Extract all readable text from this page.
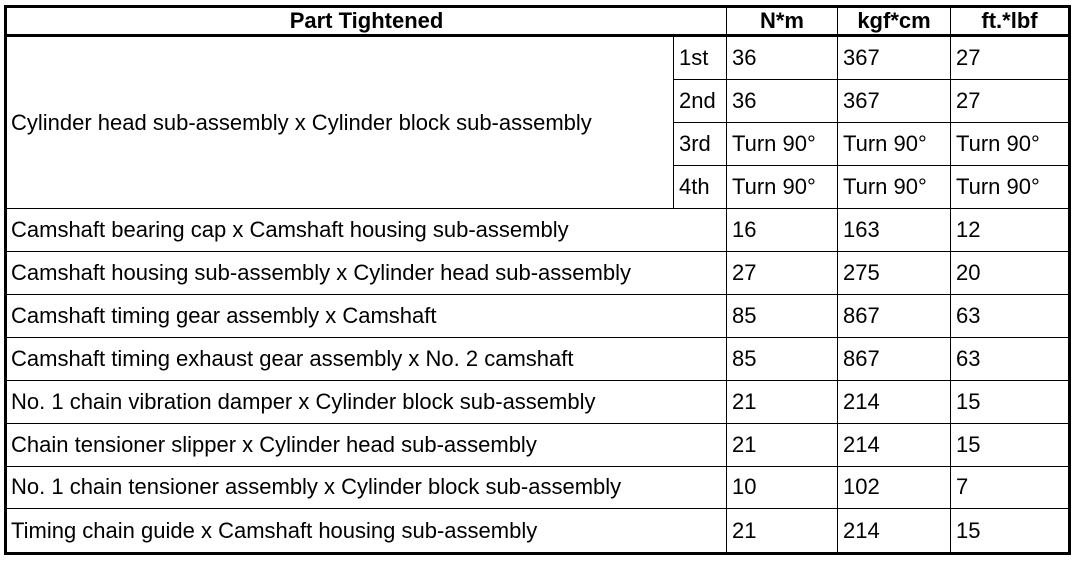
Part Tightened		N*m	kgf*cm	ft.*lbf
Cylinder head sub-assembly x Cylinder block sub-assembly	1st	36	367	27
	2nd	36	367	27
	3rd	Turn 90°	Turn 90°	Turn 90°
	4th	Turn 90°	Turn 90°	Turn 90°
Camshaft bearing cap x Camshaft housing sub-assembly		16	163	12
Camshaft housing sub-assembly x Cylinder head sub-assembly		27	275	20
Camshaft timing gear assembly x Camshaft		85	867	63
Camshaft timing exhaust gear assembly x No. 2 camshaft		85	867	63
No. 1 chain vibration damper x Cylinder block sub-assembly		21	214	15
Chain tensioner slipper x Cylinder head sub-assembly		21	214	15
No. 1 chain tensioner assembly x Cylinder block sub-assembly		10	102	7
Timing chain guide x Camshaft housing sub-assembly		21	214	15
